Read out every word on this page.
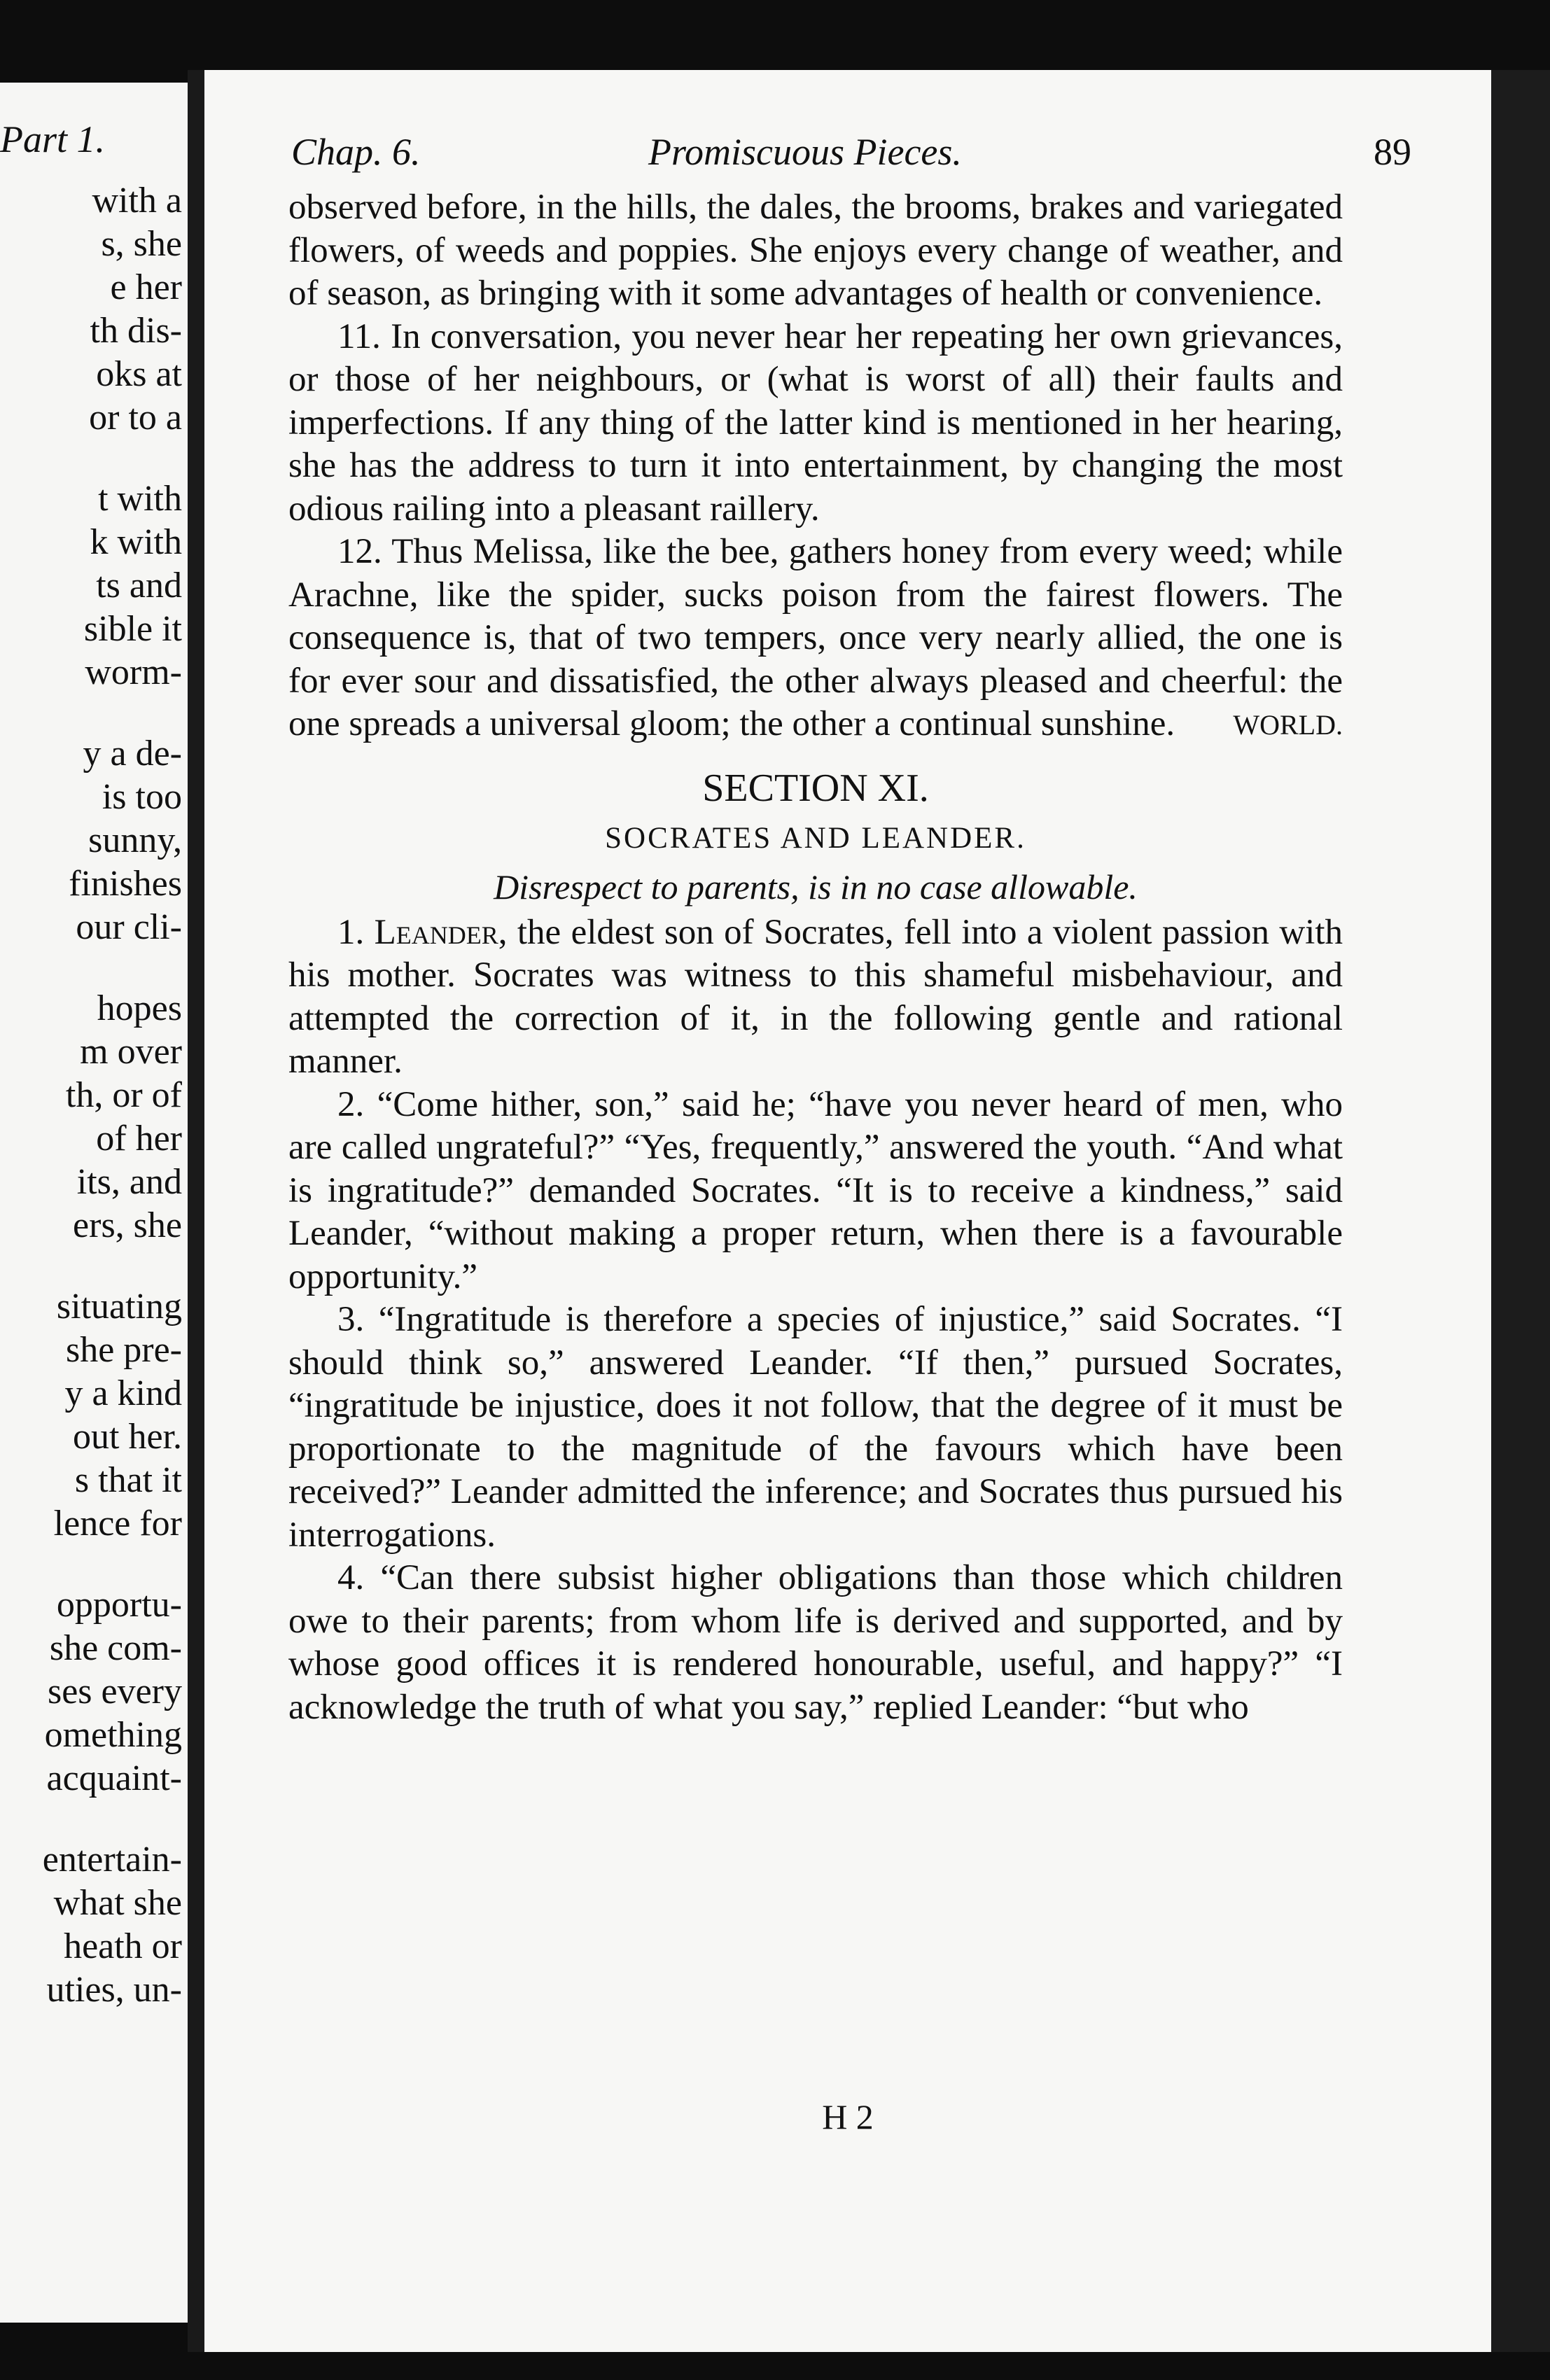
Part 1.
with a
s, she
e her
th dis-
oks at
or to a
t with
k with
ts and
sible it
worm-
y a de-
is too
sunny,
finishes
our cli-
hopes
m over
th, or of
of her
its, and
ers, she
situating
she pre-
y a kind
out her.
s that it
lence for
opportu-
she com-
ses every
omething
acquaint-
entertain-
what she
heath or
uties, un-
Chap. 6.	Promiscuous Pieces.	89

observed before, in the hills, the dales, the brooms, brakes and variegated flowers, of weeds and poppies. She enjoys every change of weather, and of season, as bringing with it some advantages of health or convenience.

11. In conversation, you never hear her repeating her own grievances, or those of her neighbours, or (what is worst of all) their faults and imperfections. If any thing of the latter kind is mentioned in her hearing, she has the address to turn it into entertainment, by changing the most odious railing into a pleasant raillery.

12. Thus Melissa, like the bee, gathers honey from every weed; while Arachne, like the spider, sucks poison from the fairest flowers. The consequence is, that of two tempers, once very nearly allied, the one is for ever sour and dissatisfied, the other always pleased and cheerful: the one spreads a universal gloom; the other a continual sunshine.	WORLD.
SECTION XI.
SOCRATES AND LEANDER.
Disrespect to parents, is in no case allowable.

1. Leander, the eldest son of Socrates, fell into a violent passion with his mother. Socrates was witness to this shameful misbehaviour, and attempted the correction of it, in the following gentle and rational manner.

2. “Come hither, son,” said he; “have you never heard of men, who are called ungrateful?” “Yes, frequently,” answered the youth. “And what is ingratitude?” demanded Socrates. “It is to receive a kindness,” said Leander, “without making a proper return, when there is a favourable opportunity.”

3. “Ingratitude is therefore a species of injustice,” said Socrates. “I should think so,” answered Leander. “If then,” pursued Socrates, “ingratitude be injustice, does it not follow, that the degree of it must be proportionate to the magnitude of the favours which have been received?” Leander admitted the inference; and Socrates thus pursued his interrogations.

4. “Can there subsist higher obligations than those which children owe to their parents; from whom life is derived and supported, and by whose good offices it is rendered honourable, useful, and happy?” “I acknowledge the truth of what you say,” replied Leander: “but who

H 2
